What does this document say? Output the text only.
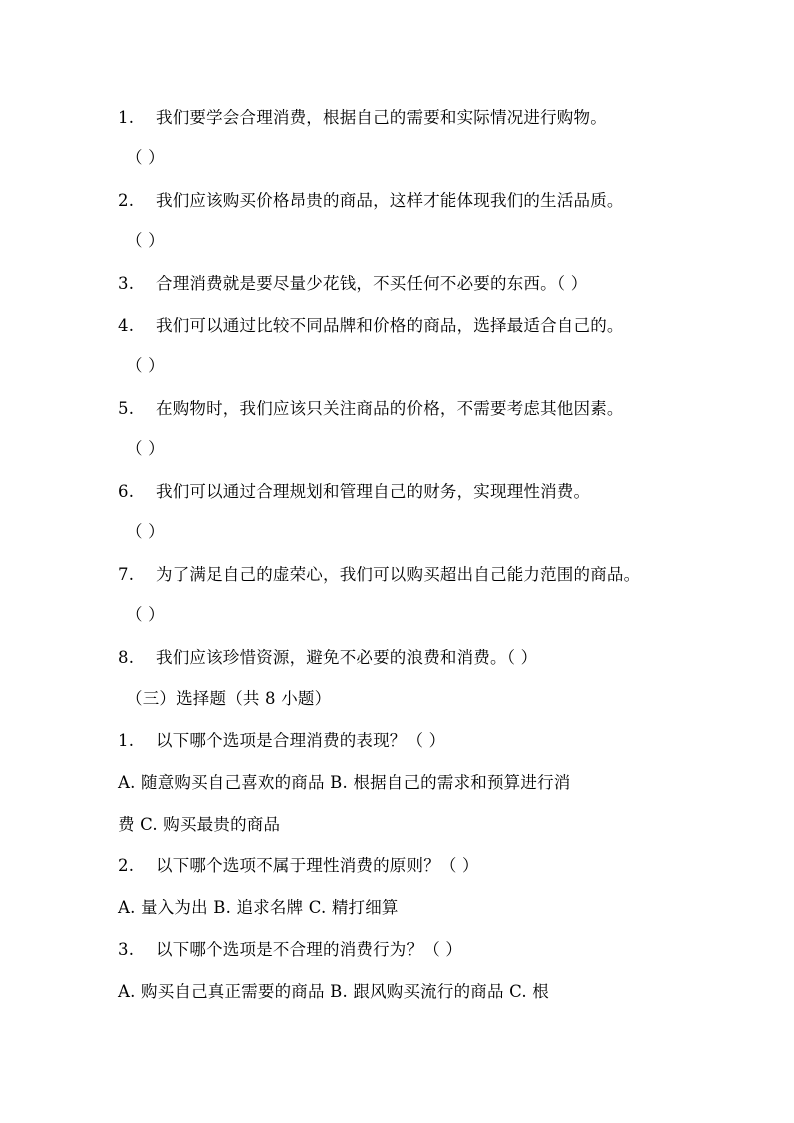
1. 我们要学会合理消费，根据自己的需要和实际情况进行购物。
（ ）
2. 我们应该购买价格昂贵的商品，这样才能体现我们的生活品质。
（ ）
3. 合理消费就是要尽量少花钱，不买任何不必要的东西。（ ）
4. 我们可以通过比较不同品牌和价格的商品，选择最适合自己的。
（ ）
5. 在购物时，我们应该只关注商品的价格，不需要考虑其他因素。
（ ）
6. 我们可以通过合理规划和管理自己的财务，实现理性消费。
（ ）
7. 为了满足自己的虚荣心，我们可以购买超出自己能力范围的商品。
（ ）
8. 我们应该珍惜资源，避免不必要的浪费和消费。（ ）
（三）选择题（共 8 小题）
1. 以下哪个选项是合理消费的表现？（ ）
A. 随意购买自己喜欢的商品 B. 根据自己的需求和预算进行消
费 C. 购买最贵的商品
2. 以下哪个选项不属于理性消费的原则？（ ）
A. 量入为出 B. 追求名牌 C. 精打细算
3. 以下哪个选项是不合理的消费行为？（ ）
A. 购买自己真正需要的商品 B. 跟风购买流行的商品 C. 根
